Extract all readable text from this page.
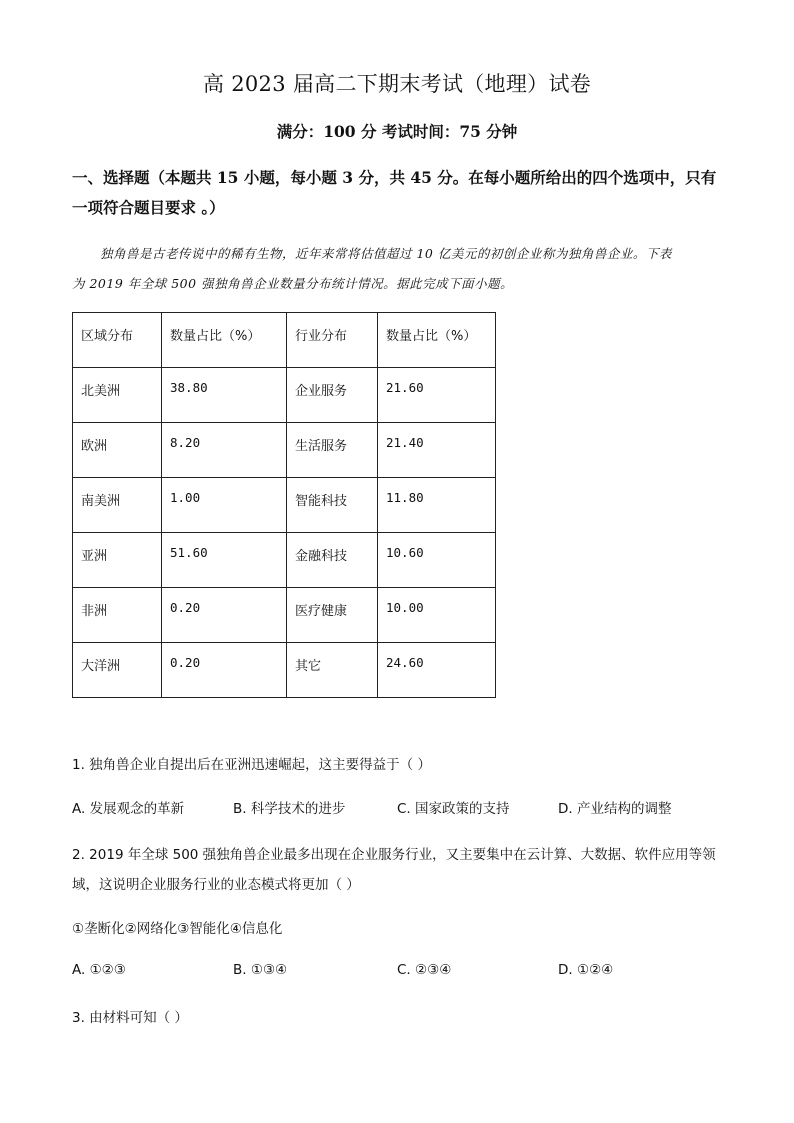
高 2023 届高二下期末考试（地理）试卷
满分：100 分 考试时间：75 分钟
一、选择题（本题共 15 小题，每小题 3 分，共 45 分。在每小题所给出的四个选项中，只有
一项符合题目要求 。）
独角兽是古老传说中的稀有生物，近年来常将估值超过 10 亿美元的初创企业称为独角兽企业。下表
为 2019 年全球 500 强独角兽企业数量分布统计情况。据此完成下面小题。
区域分布	数量占比（%）	行业分布	数量占比（%）

北美洲	38.80	企业服务	21.60

欧洲	8.20	生活服务	21.40

南美洲	1.00	智能科技	11.80

亚洲	51.60	金融科技	10.60

非洲	0.20	医疗健康	10.00

大洋洲	0.20	其它	24.60
1. 独角兽企业自提出后在亚洲迅速崛起，这主要得益于（ ）
A. 发展观念的革新	B. 科学技术的进步	C. 国家政策的支持	D. 产业结构的调整
2. 2019 年全球 500 强独角兽企业最多出现在企业服务行业，又主要集中在云计算、大数据、软件应用等领
域，这说明企业服务行业的业态模式将更加（ ）
①垄断化②网络化③智能化④信息化
A. ①②③	B. ①③④	C. ②③④	D. ①②④
3. 由材料可知（ ）
